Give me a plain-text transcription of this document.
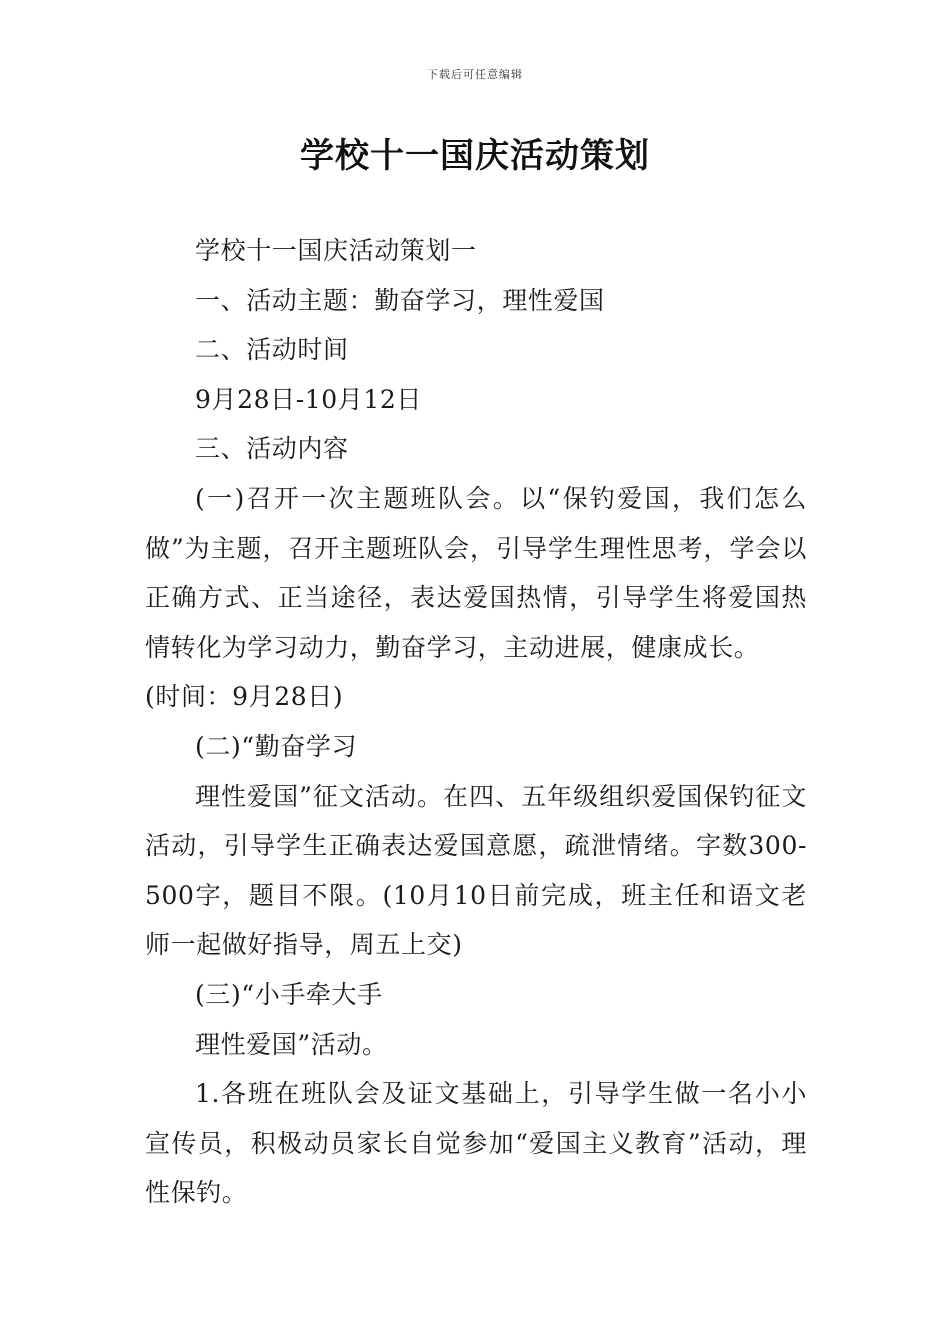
下载后可任意编辑
学校十一国庆活动策划

学校十一国庆活动策划一

一、活动主题：勤奋学习，理性爱国

二、活动时间

9月28日-10月12日

三、活动内容

(一)召开一次主题班队会。以“保钓爱国，我们怎么做”为主题，召开主题班队会，引导学生理性思考，学会以正确方式、正当途径，表达爱国热情，引导学生将爱国热情转化为学习动力，勤奋学习，主动进展，健康成长。

(时间：9月28日)

(二)“勤奋学习

理性爱国”征文活动。在四、五年级组织爱国保钓征文活动，引导学生正确表达爱国意愿，疏泄情绪。字数300-500字，题目不限。(10月10日前完成，班主任和语文老师一起做好指导，周五上交)

(三)“小手牵大手

理性爱国”活动。

1.各班在班队会及证文基础上，引导学生做一名小小宣传员，积极动员家长自觉参加“爱国主义教育”活动，理性保钓。
